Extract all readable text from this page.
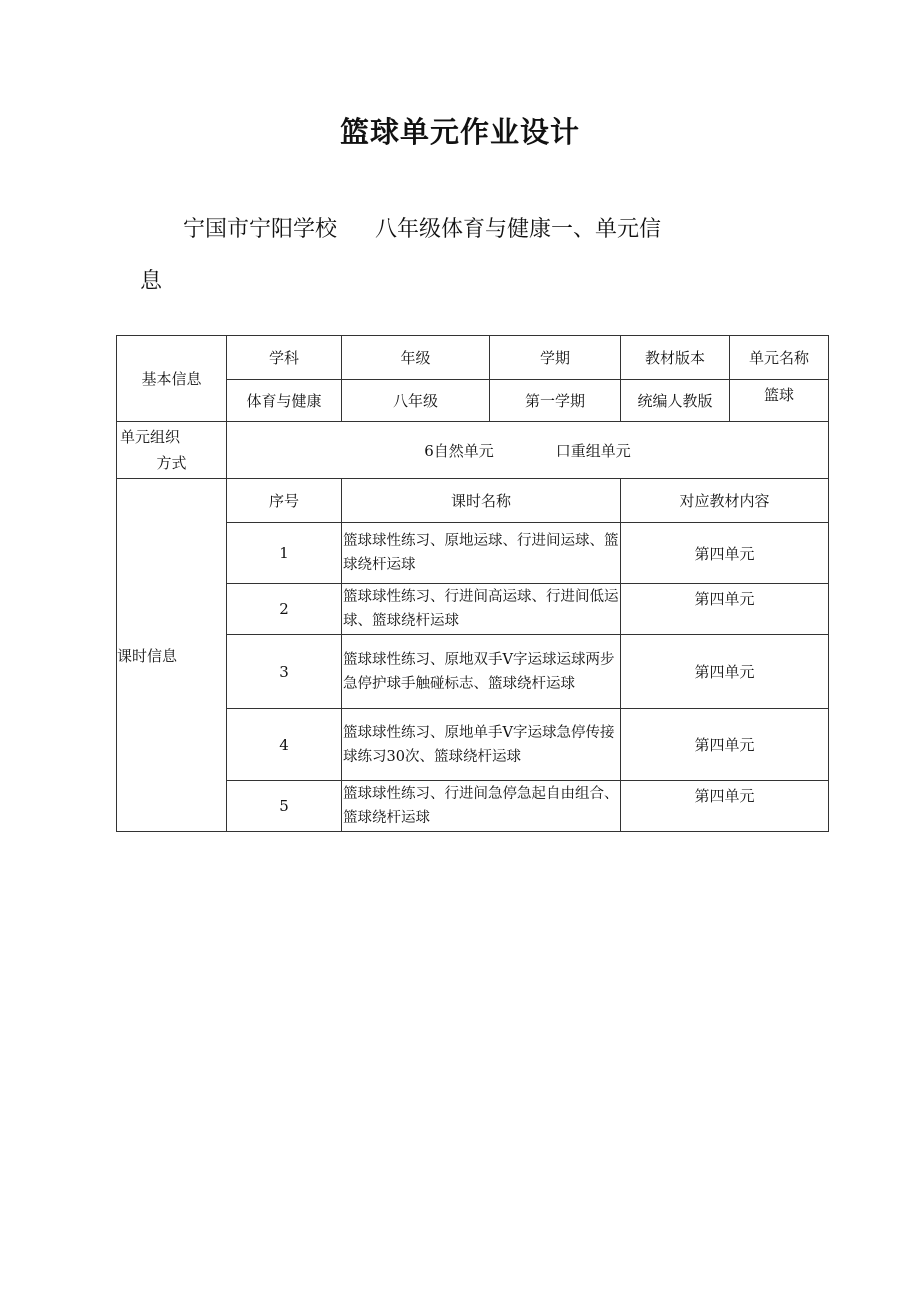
篮球单元作业设计

宁国市宁阳学校 八年级体育与健康一、单元信

息

基本信息	学科	年级	学期	教材版本	单元名称
	体育与健康	八年级	第一学期	统编人教版	篮球

单元组织
方式	6自然单元 口重组单元				
课时信息	序号	课时名称		对应教材内容	
	1	篮球球性练习、原地运球、行进间运球、篮球绕杆运球		第四单元	
	2	篮球球性练习、行进间高运球、行进间低运球、篮球绕杆运球		第四单元	
	3	篮球球性练习、原地双手V字运球运球两步急停护球手触碰标志、篮球绕杆运球		第四单元	
	4	篮球球性练习、原地单手V字运球急停传接球练习30次、篮球绕杆运球		第四单元	
	5	篮球球性练习、行进间急停急起自由组合、篮球绕杆运球		第四单元	
